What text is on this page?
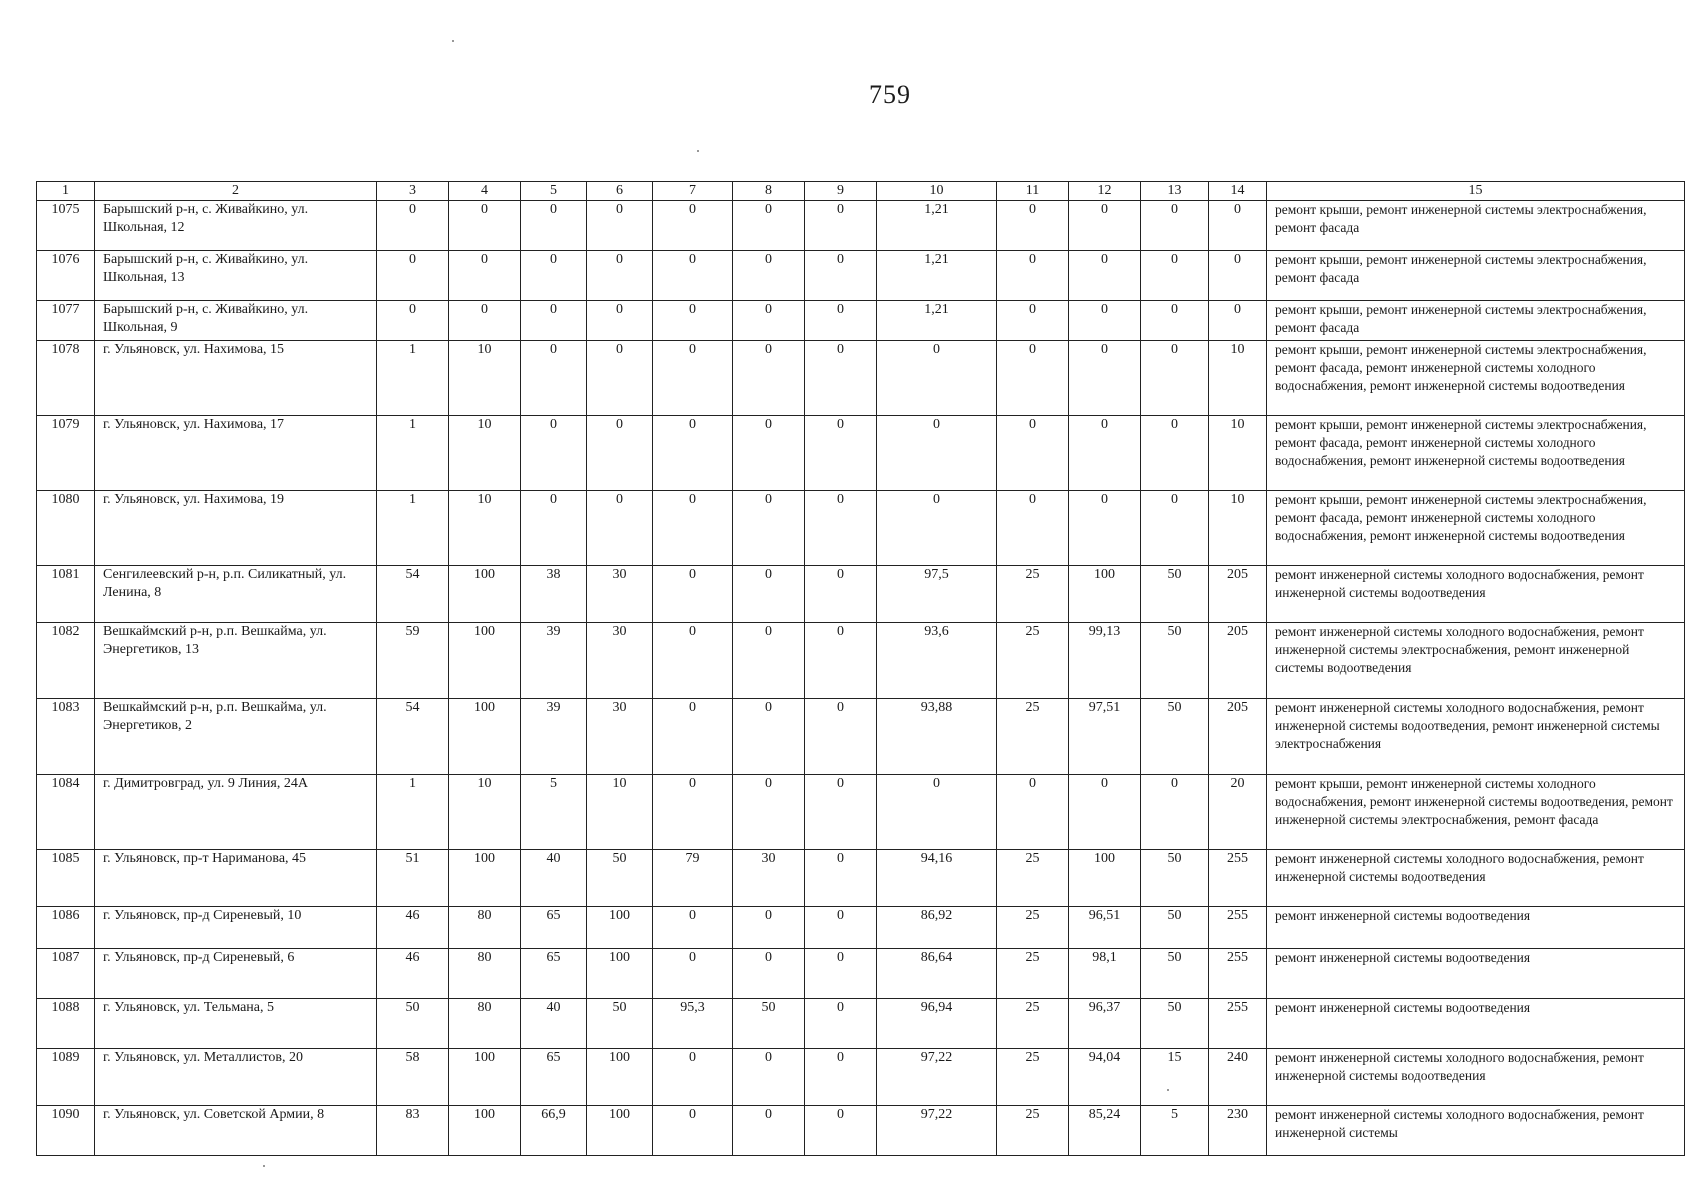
759
1	2	3	4	5	6	7	8	9	10	11	12	13	14	15
1075	Барышский р-н, с. Живайкино, ул. Школьная, 12	0	0	0	0	0	0	0	1,21	0	0	0	0	ремонт крыши, ремонт инженерной системы электроснабжения, ремонт фасада
1076	Барышский р-н, с. Живайкино, ул. Школьная, 13	0	0	0	0	0	0	0	1,21	0	0	0	0	ремонт крыши, ремонт инженерной системы электроснабжения, ремонт фасада
1077	Барышский р-н, с. Живайкино, ул. Школьная, 9	0	0	0	0	0	0	0	1,21	0	0	0	0	ремонт крыши, ремонт инженерной системы электроснабжения, ремонт фасада
1078	г. Ульяновск, ул. Нахимова, 15	1	10	0	0	0	0	0	0	0	0	0	10	ремонт крыши, ремонт инженерной системы электроснабжения, ремонт фасада, ремонт инженерной системы холодного водоснабжения, ремонт инженерной системы водоотведения
1079	г. Ульяновск, ул. Нахимова, 17	1	10	0	0	0	0	0	0	0	0	0	10	ремонт крыши, ремонт инженерной системы электроснабжения, ремонт фасада, ремонт инженерной системы холодного водоснабжения, ремонт инженерной системы водоотведения
1080	г. Ульяновск, ул. Нахимова, 19	1	10	0	0	0	0	0	0	0	0	0	10	ремонт крыши, ремонт инженерной системы электроснабжения, ремонт фасада, ремонт инженерной системы холодного водоснабжения, ремонт инженерной системы водоотведения
1081	Сенгилеевский р-н, р.п. Силикатный, ул. Ленина, 8	54	100	38	30	0	0	0	97,5	25	100	50	205	ремонт инженерной системы холодного водоснабжения, ремонт инженерной системы водоотведения
1082	Вешкаймский р-н, р.п. Вешкайма, ул. Энергетиков, 13	59	100	39	30	0	0	0	93,6	25	99,13	50	205	ремонт инженерной системы холодного водоснабжения, ремонт инженерной системы электроснабжения, ремонт инженерной системы водоотведения
1083	Вешкаймский р-н, р.п. Вешкайма, ул. Энергетиков, 2	54	100	39	30	0	0	0	93,88	25	97,51	50	205	ремонт инженерной системы холодного водоснабжения, ремонт инженерной системы водоотведения, ремонт инженерной системы электроснабжения
1084	г. Димитровград, ул. 9 Линия, 24А	1	10	5	10	0	0	0	0	0	0	0	20	ремонт крыши, ремонт инженерной системы холодного водоснабжения, ремонт инженерной системы водоотведения, ремонт инженерной системы электроснабжения, ремонт фасада
1085	г. Ульяновск, пр-т Нариманова, 45	51	100	40	50	79	30	0	94,16	25	100	50	255	ремонт инженерной системы холодного водоснабжения, ремонт инженерной системы водоотведения
1086	г. Ульяновск, пр-д Сиреневый, 10	46	80	65	100	0	0	0	86,92	25	96,51	50	255	ремонт инженерной системы водоотведения
1087	г. Ульяновск, пр-д Сиреневый, 6	46	80	65	100	0	0	0	86,64	25	98,1	50	255	ремонт инженерной системы водоотведения
1088	г. Ульяновск, ул. Тельмана, 5	50	80	40	50	95,3	50	0	96,94	25	96,37	50	255	ремонт инженерной системы водоотведения
1089	г. Ульяновск, ул. Металлистов, 20	58	100	65	100	0	0	0	97,22	25	94,04	15	240	ремонт инженерной системы холодного водоснабжения, ремонт инженерной системы водоотведения
1090	г. Ульяновск, ул. Советской Армии, 8	83	100	66,9	100	0	0	0	97,22	25	85,24	5	230	ремонт инженерной системы холодного водоснабжения, ремонт инженерной системы
